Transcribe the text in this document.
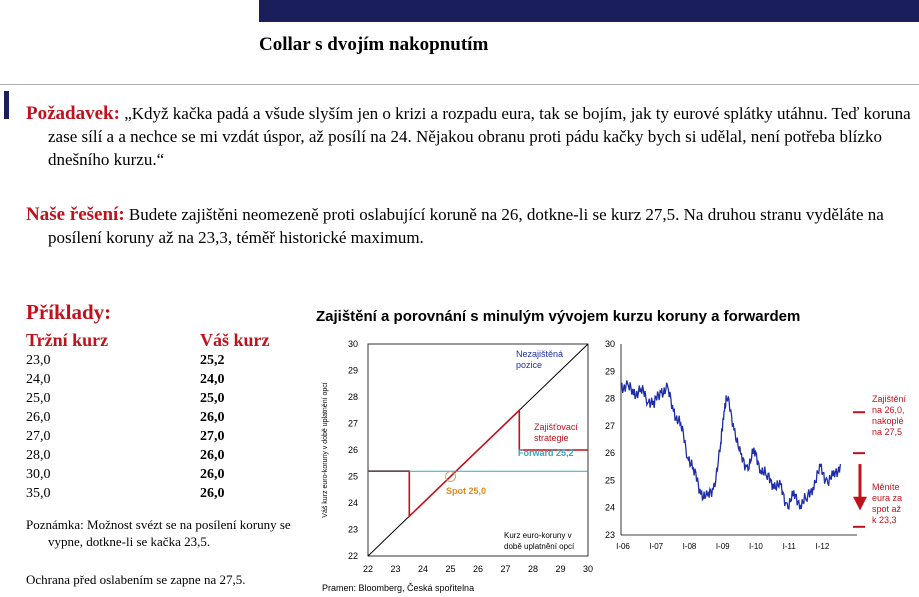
Collar s dvojím nakopnutím
Požadavek: „Když kačka padá a všude slyším jen o krizi a rozpadu eura, tak se bojím, jak ty eurové splátky utáhnu. Teď koruna zase sílí a a nechce se mi vzdát úspor, až posílí na 24. Nějakou obranu proti pádu kačky bych si udělal, není potřeba blízko dnešního kurzu.“
Naše řešení: Budete zajištěni neomezeně proti oslabující koruně na 26, dotkne-li se kurz 27,5. Na druhou stranu vyděláte na posílení koruny až na 23,3, téměř historické maximum.
Příklady:
Tržní kurz	Váš kurz
23,0	25,2
24,0	24,0
25,0	25,0
26,0	26,0
27,0	27,0
28,0	26,0
30,0	26,0
35,0	26,0
Poznámka: Možnost svézt se na posílení koruny se vypne, dotkne-li se kačka 23,5.
Ochrana před oslabením se zapne na 27,5.
Zajištění a porovnání s minulým vývojem kurzu koruny a forwardem
22
23
24
25
26
27
28
29
30
22 23 24 25 26 27 28 29 30
Váš kurz euro-koruny v době uplatnění opcí
Nezajištěná pozice
Zajišťovací strategie
Forward 25,2
Spot 25,0
Kurz euro-koruny v době uplatnění opcí
23
24
25
26
27
28
29
30
I-06 I-07 I-08 I-09 I-10 I-11 I-12
Zajištění na 26,0, nakoplé na 27,5
Měníte eura za spot až k 23,3
Pramen: Bloomberg, Česká spořitelna
